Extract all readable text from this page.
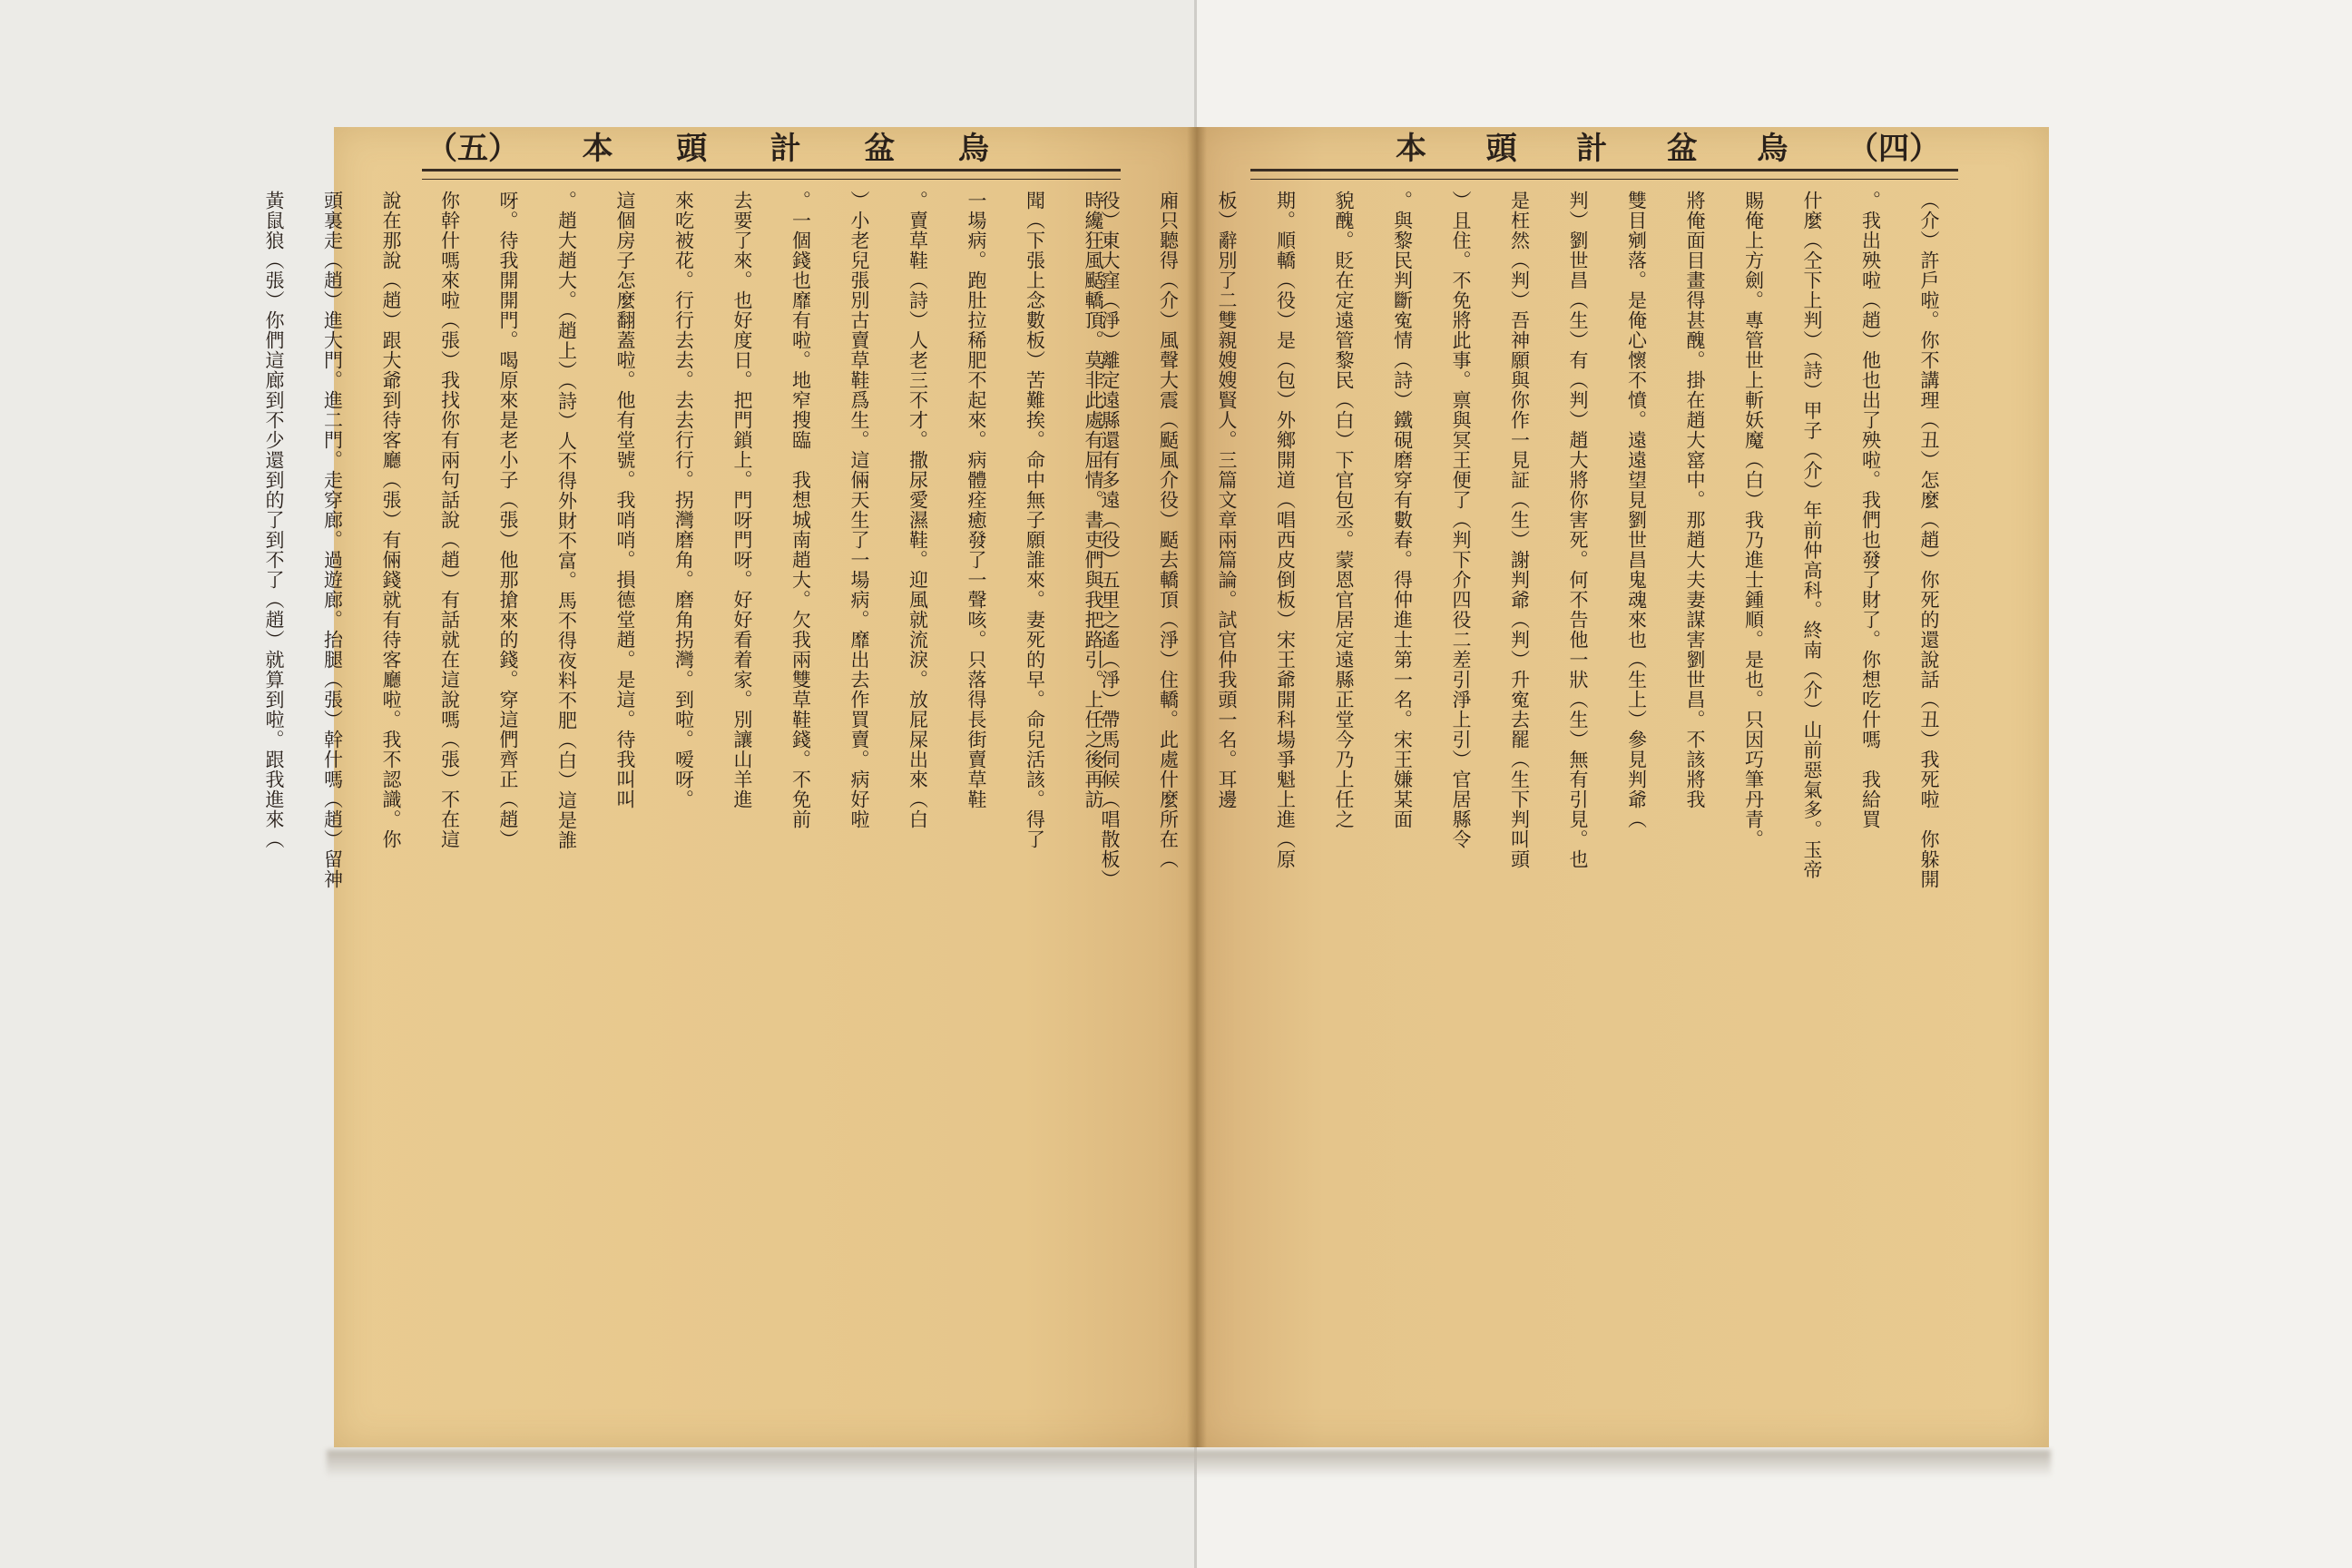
（五） 本 頭 計 盆 烏	本 頭 計 盆 烏 （四）

時纔狂風颳轎頂。莫非此處有屈情。書吏們與我把路引。上任之後再訪

聞（下張上念數板）苦難挨。命中無子願誰來。妻死的早。命兒活該。得了

一場病。跑肚拉稀肥不起來。病體痊癒發了一聲咳。只落得長街賣草鞋

。賣草鞋（詩）人老三不才。撒尿愛濕鞋。迎風就流淚。放屁屎出來（白

）小老兒張別古賣草鞋爲生。這倆天生了一場病。靡出去作買賣。病好啦

。一個錢也靡有啦。地窄搜臨　我想城南趙大。欠我兩雙草鞋錢。不免前

去要了來。也好度日。把門鎖上。門呀門呀。好好看着家。別讓山羊進

來吃被花。行行去去。去去行行。拐灣磨角。磨角拐灣。到啦。嗳呀。

這個房子怎麼翻蓋啦。他有堂號。我哨哨。損德堂趙。是這。待我叫叫

。趙大趙大。（趙上）（詩）人不得外財不富。馬不得夜料不肥（白）這是誰

呀。待我開開門。喝原來是老小子（張）他那搶來的錢。穿這們齊正（趙）

你幹什嗎來啦（張）我找你有兩句話說（趙）有話就在這說嗎（張）不在這

說在那說（趙）跟大爺到待客廳（張）有倆錢就有待客廳啦。我不認識。你

頭裏走（趙）進大門。進二門。走穿廊。過遊廊。抬腿（張）幹什嗎（趙）留神

黃鼠狼（張）你們這廊到不少還到的了到不了（趙）就算到啦。跟我進來（	（介）許戶啦。你不講理（丑）怎麼（趙）你死的還說話（丑）我死啦　你躲開

。我出殃啦（趙）他也出了殃啦。我們也發了財了。你想吃什嗎　我給買

什麼（仝下上判）（詩）甲子（介）年前仲高科。終南（介）山前惡氣多。玉帝

賜俺上方劍。專管世上斬妖魔（白）我乃進士鍾順。是也。只因巧筆丹青。

將俺面目畫得甚醜。掛在趙大窰中。那趙大夫妻謀害劉世昌。不該將我

雙目剜落。是俺心懷不憤。遠遠望見劉世昌鬼魂來也（生上）參見判爺（

判）劉世昌（生）有（判）趙大將你害死。何不告他一狀（生）無有引見。也

是枉然（判）吾神願與你作一見証（生）謝判爺（判）升寃去罷（生下判叫頭

）且住。不免將此事。禀與冥王便了（判下介四役二差引淨上引）官居縣令

。與黎民判斷寃情（詩）鐵硯磨穿有數春。得仲進士第一名。宋王嫌某面

貌醜。貶在定遠管黎民（白）下官包丞。蒙恩官居定遠縣正堂今乃上任之

期。順轎（役）是（包）外鄉開道（唱西皮倒板）宋王爺開科場爭魁上進（原

板）辭別了二雙親嫂嫂賢人。三篇文章兩篇論。試官仲我頭一名。耳邊

廂只聽得（介）風聲大震（颳風介役）颳去轎頂（淨）住轎。此處什麼所在（

役）東大窪（淨）離定遠縣還有多遠（役）五里之遙（淨）帶馬伺候（唱散板）
